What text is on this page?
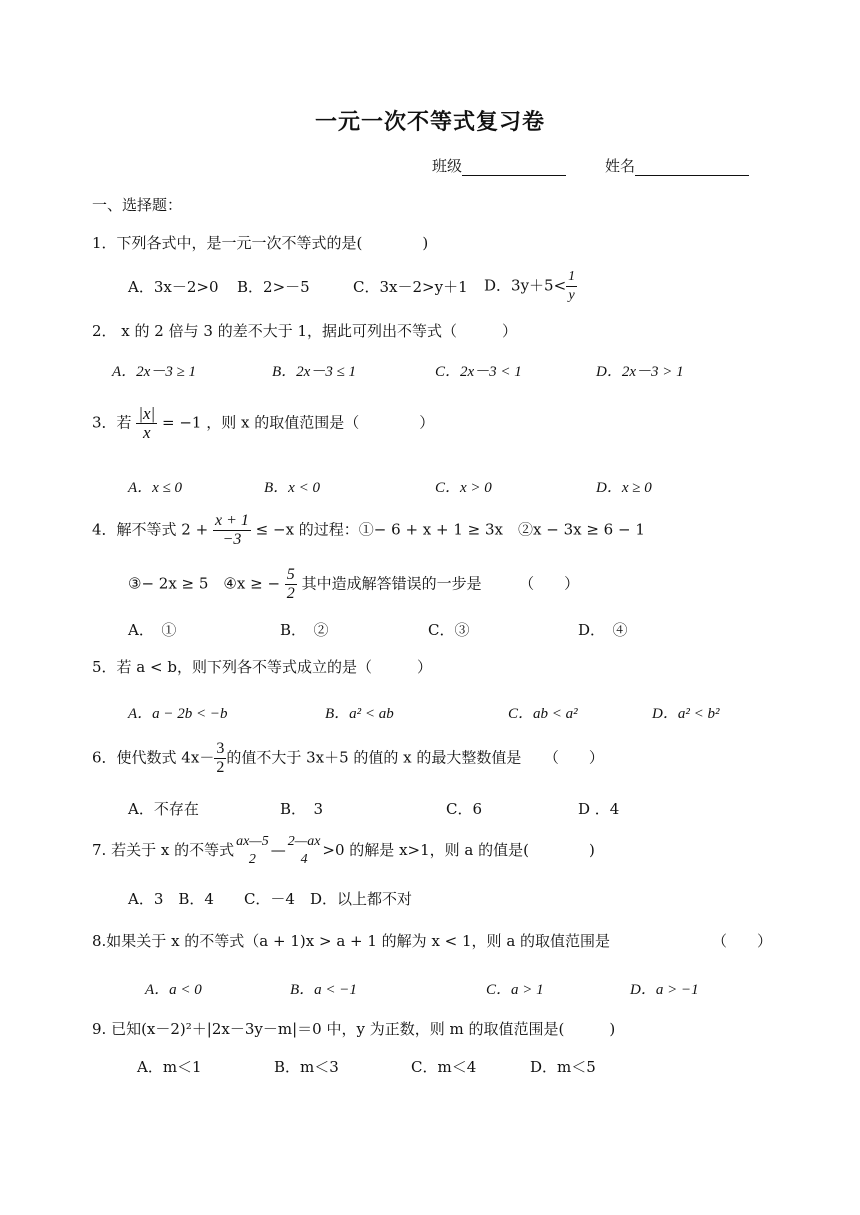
一元一次不等式复习卷
班级	姓名
一、选择题：
1．下列各式中，是一元一次不等式的是(　　　　)
A．3x－2>0 B．2>－5	C．3x－2>y＋1 D．$3y+5< \frac{1}{y}$
2． x 的 2 倍与 3 的差不大于 1，据此可列出不等式（　　　）
A．2x－3 ≥ 1	B．2x－3 ≤ 1	C．2x－3 < 1	D．2x－3 > 1
3．若 $\frac{|x|}{x} = -1$ ，则 x 的取值范围是（　　　　）
A．x ≤ 0	B．x < 0	C．x > 0	D．x ≥ 0
4．解不等式 $2 + \frac{x + 1}{-3} \le -x$ 的过程：①− 6 + x + 1 ≥ 3x　②x − 3x ≥ 6 − 1
③− 2x ≥ 5　④x ≥ − $\frac{5}{2}$ 其中造成解答错误的一步是　　　（　　）
A．　①	B．　②	C．③	D．　④
5．若 a < b，则下列各不等式成立的是（　　　）
A．a − 2b < −b	B．a² < ab	C．ab < a²	D．a² < b²
6．使代数式 $4x- \frac{3}{2}$ 的值不大于 3x＋5 的值的 x 的最大整数值是　　（　　）
A．不存在	B．　3	C．6	D ．4
7. 若关于 x 的不等式 ax—5
2
— 2—ax
4
>0 的解是 x>1，则 a 的值是(　　　　)
A．3　B．4　　C．－4　D．以上都不对
8.如果关于 x 的不等式（a + 1)x > a + 1 的解为 x < 1，则 a 的取值范围是	（　　）
A．a < 0	B．a < −1	C．a > 1	D．a > −1
9. 已知(x－2)²＋|2x－3y－m|＝0 中，y 为正数，则 m 的取值范围是(　　　)
A．m＜1	B．m＜3	C．m＜4	D．m＜5
